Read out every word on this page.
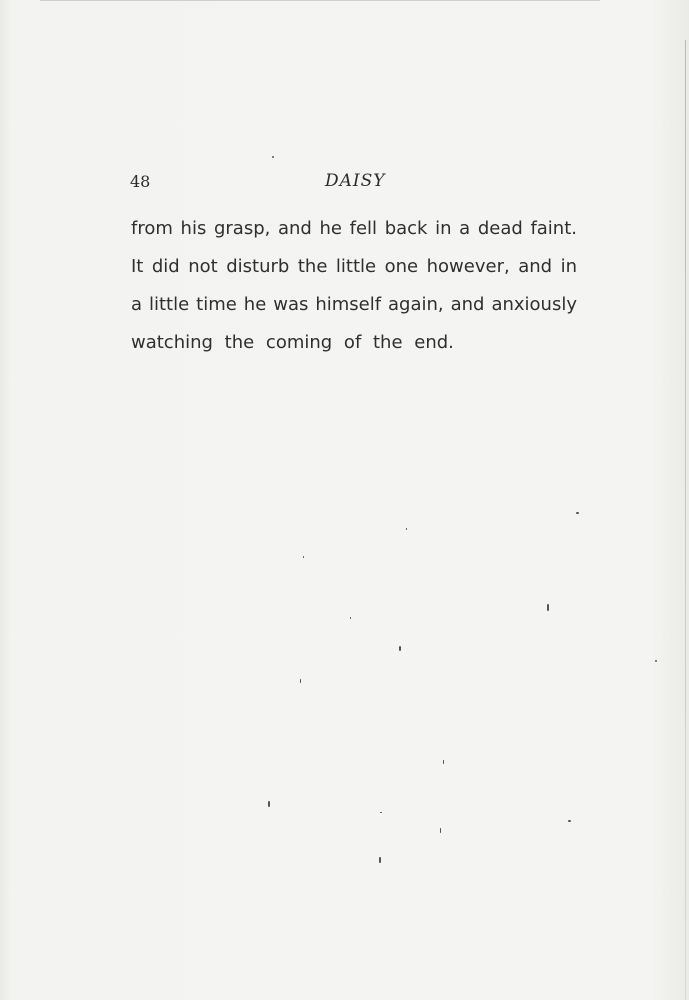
48	DAISY
from his grasp, and he fell back in a dead faint.
It did not disturb the little one however, and in
a little time he was himself again, and anxiously
watching the coming of the end.
